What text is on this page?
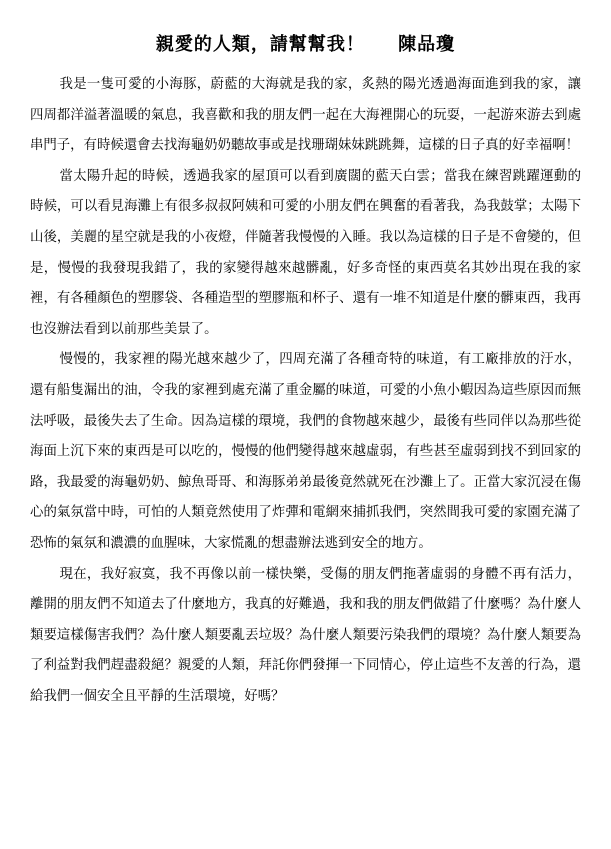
親愛的人類，請幫幫我！ 陳品瓊

我是一隻可愛的小海豚，蔚藍的大海就是我的家，炙熱的陽光透過海面進到我的家，讓四周都洋溢著溫暖的氣息，我喜歡和我的朋友們一起在大海裡開心的玩耍，一起游來游去到處串門子，有時候還會去找海龜奶奶聽故事或是找珊瑚妹妹跳跳舞，這樣的日子真的好幸福啊！

當太陽升起的時候，透過我家的屋頂可以看到廣闊的藍天白雲；當我在練習跳躍運動的時候，可以看見海灘上有很多叔叔阿姨和可愛的小朋友們在興奮的看著我，為我鼓掌；太陽下山後，美麗的星空就是我的小夜燈，伴隨著我慢慢的入睡。我以為這樣的日子是不會變的，但是，慢慢的我發現我錯了，我的家變得越來越髒亂，好多奇怪的東西莫名其妙出現在我的家裡，有各種顏色的塑膠袋、各種造型的塑膠瓶和杯子、還有一堆不知道是什麼的髒東西，我再也沒辦法看到以前那些美景了。

慢慢的，我家裡的陽光越來越少了，四周充滿了各種奇特的味道，有工廠排放的汙水，還有船隻漏出的油，令我的家裡到處充滿了重金屬的味道，可愛的小魚小蝦因為這些原因而無法呼吸，最後失去了生命。因為這樣的環境，我們的食物越來越少，最後有些同伴以為那些從海面上沉下來的東西是可以吃的，慢慢的他們變得越來越虛弱，有些甚至虛弱到找不到回家的路，我最愛的海龜奶奶、鯨魚哥哥、和海豚弟弟最後竟然就死在沙灘上了。正當大家沉浸在傷心的氣氛當中時，可怕的人類竟然使用了炸彈和電網來捕抓我們，突然間我可愛的家園充滿了恐怖的氣氛和濃濃的血腥味，大家慌亂的想盡辦法逃到安全的地方。

現在，我好寂寞，我不再像以前一樣快樂，受傷的朋友們拖著虛弱的身體不再有活力，離開的朋友們不知道去了什麼地方，我真的好難過，我和我的朋友們做錯了什麼嗎？為什麼人類要這樣傷害我們？為什麼人類要亂丟垃圾？為什麼人類要污染我們的環境？為什麼人類要為了利益對我們趕盡殺絕？親愛的人類，拜託你們發揮一下同情心，停止這些不友善的行為，還給我們一個安全且平靜的生活環境，好嗎？
